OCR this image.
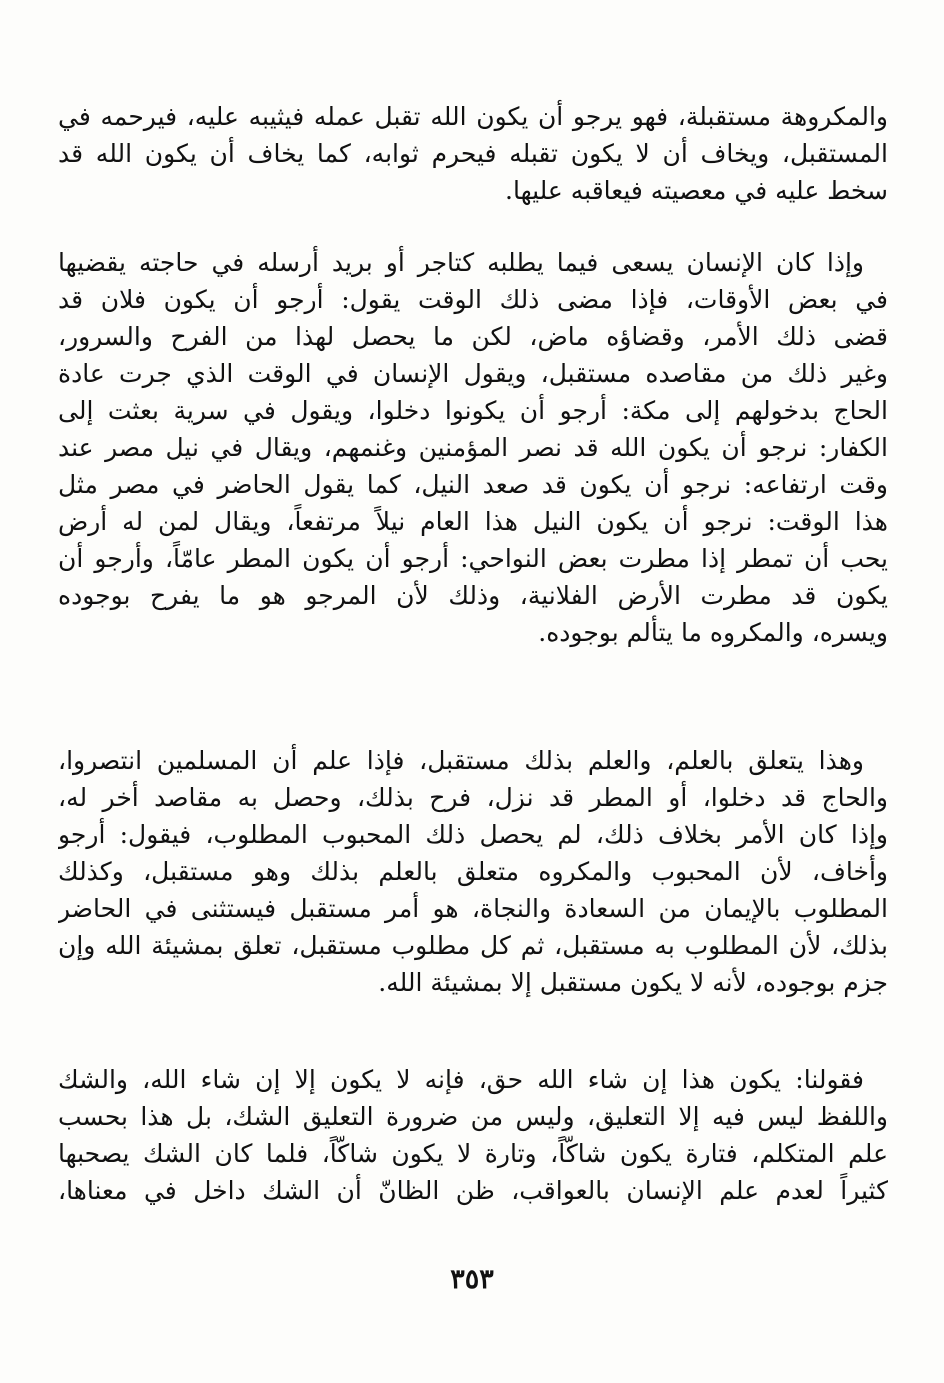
والمكروهة مستقبلة، فهو يرجو أن يكون الله تقبل عمله فيثيبه عليه، فيرحمه في
المستقبل، ويخاف أن لا يكون تقبله فيحرم ثوابه، كما يخاف أن يكون الله قد
سخط عليه في معصيته فيعاقبه عليها.
وإذا كان الإنسان يسعى فيما يطلبه كتاجر أو بريد أرسله في حاجته يقضيها
في بعض الأوقات، فإذا مضى ذلك الوقت يقول: أرجو أن يكون فلان قد
قضى ذلك الأمر، وقضاؤه ماض، لكن ما يحصل لهذا من الفرح والسرور،
وغير ذلك من مقاصده مستقبل، ويقول الإنسان في الوقت الذي جرت عادة
الحاج بدخولهم إلى مكة: أرجو أن يكونوا دخلوا، ويقول في سرية بعثت إلى
الكفار: نرجو أن يكون الله قد نصر المؤمنين وغنمهم، ويقال في نيل مصر عند
وقت ارتفاعه: نرجو أن يكون قد صعد النيل، كما يقول الحاضر في مصر مثل
هذا الوقت: نرجو أن يكون النيل هذا العام نيلاً مرتفعاً، ويقال لمن له أرض
يحب أن تمطر إذا مطرت بعض النواحي: أرجو أن يكون المطر عامّاً، وأرجو أن
يكون قد مطرت الأرض الفلانية، وذلك لأن المرجو هو ما يفرح بوجوده
ويسره، والمكروه ما يتألم بوجوده.
وهذا يتعلق بالعلم، والعلم بذلك مستقبل، فإذا علم أن المسلمين انتصروا،
والحاج قد دخلوا، أو المطر قد نزل، فرح بذلك، وحصل به مقاصد أخر له،
وإذا كان الأمر بخلاف ذلك، لم يحصل ذلك المحبوب المطلوب، فيقول: أرجو
وأخاف، لأن المحبوب والمكروه متعلق بالعلم بذلك وهو مستقبل، وكذلك
المطلوب بالإيمان من السعادة والنجاة، هو أمر مستقبل فيستثنى في الحاضر
بذلك، لأن المطلوب به مستقبل، ثم كل مطلوب مستقبل، تعلق بمشيئة الله وإن
جزم بوجوده، لأنه لا يكون مستقبل إلا بمشيئة الله.
فقولنا: يكون هذا إن شاء الله حق، فإنه لا يكون إلا إن شاء الله، والشك
واللفظ ليس فيه إلا التعليق، وليس من ضرورة التعليق الشك، بل هذا بحسب
علم المتكلم، فتارة يكون شاكّاً، وتارة لا يكون شاكّاً، فلما كان الشك يصحبها
كثيراً لعدم علم الإنسان بالعواقب، ظن الظانّ أن الشك داخل في معناها،
٣٥٣
